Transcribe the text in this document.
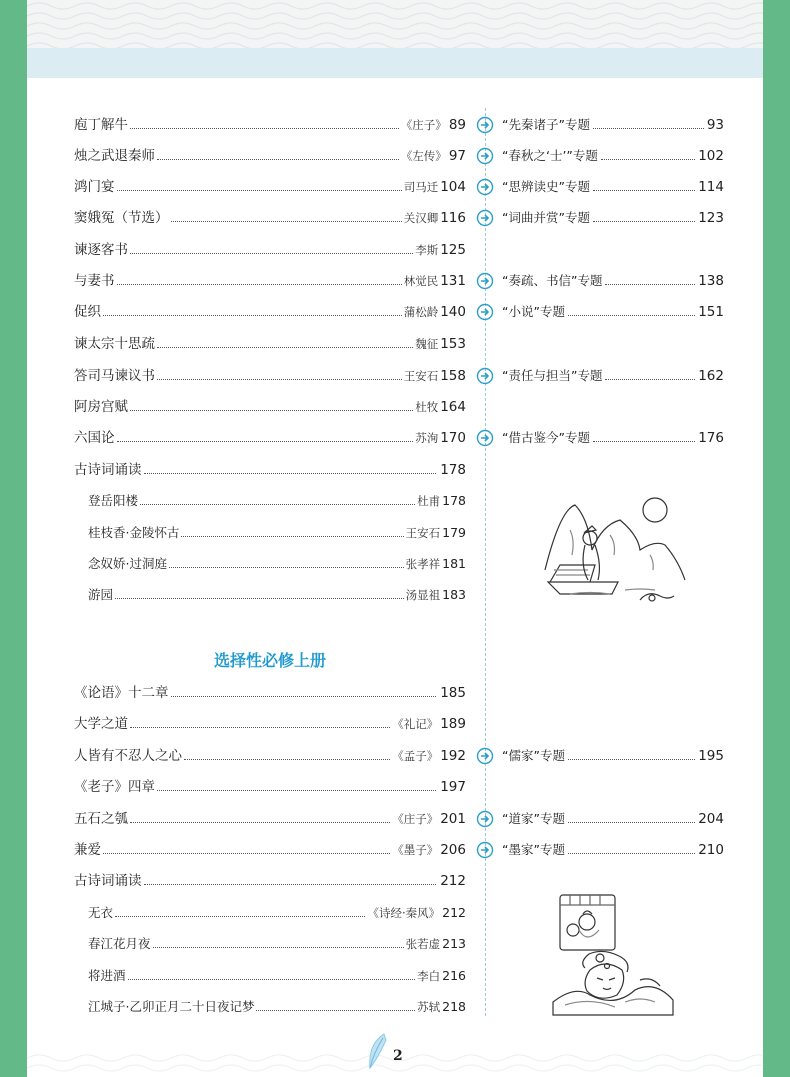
庖丁解牛	《庄子》 89
烛之武退秦师	《左传》 97
鸿门宴	司马迁 104
窦娥冤（节选）	关汉卿 116
谏逐客书	李斯 125
与妻书	林觉民 131
促织	蒲松龄 140
谏太宗十思疏	魏征 153
答司马谏议书	王安石 158
阿房宫赋	杜牧 164
六国论	苏洵 170
古诗词诵读	178
登岳阳楼	杜甫 178
桂枝香·金陵怀古	王安石 179
念奴娇·过洞庭	张孝祥 181
游园	汤显祖 183
选择性必修上册
《论语》十二章	185
大学之道	《礼记》 189
人皆有不忍人之心	《孟子》 192
《老子》四章	197
五石之瓠	《庄子》 201
兼爱	《墨子》 206
古诗词诵读	212
无衣	《诗经·秦风》 212
春江花月夜	张若虚 213
将进酒	李白 216
江城子·乙卯正月二十日夜记梦	苏轼 218
“先秦诸子”专题	93
“春秋之‘士’”专题	102
“思辨读史”专题	114
“词曲并赏”专题	123
“奏疏、书信”专题	138
“小说”专题	151
“责任与担当”专题	162
“借古鉴今”专题	176
“儒家”专题	195
“道家”专题	204
“墨家”专题	210
2
